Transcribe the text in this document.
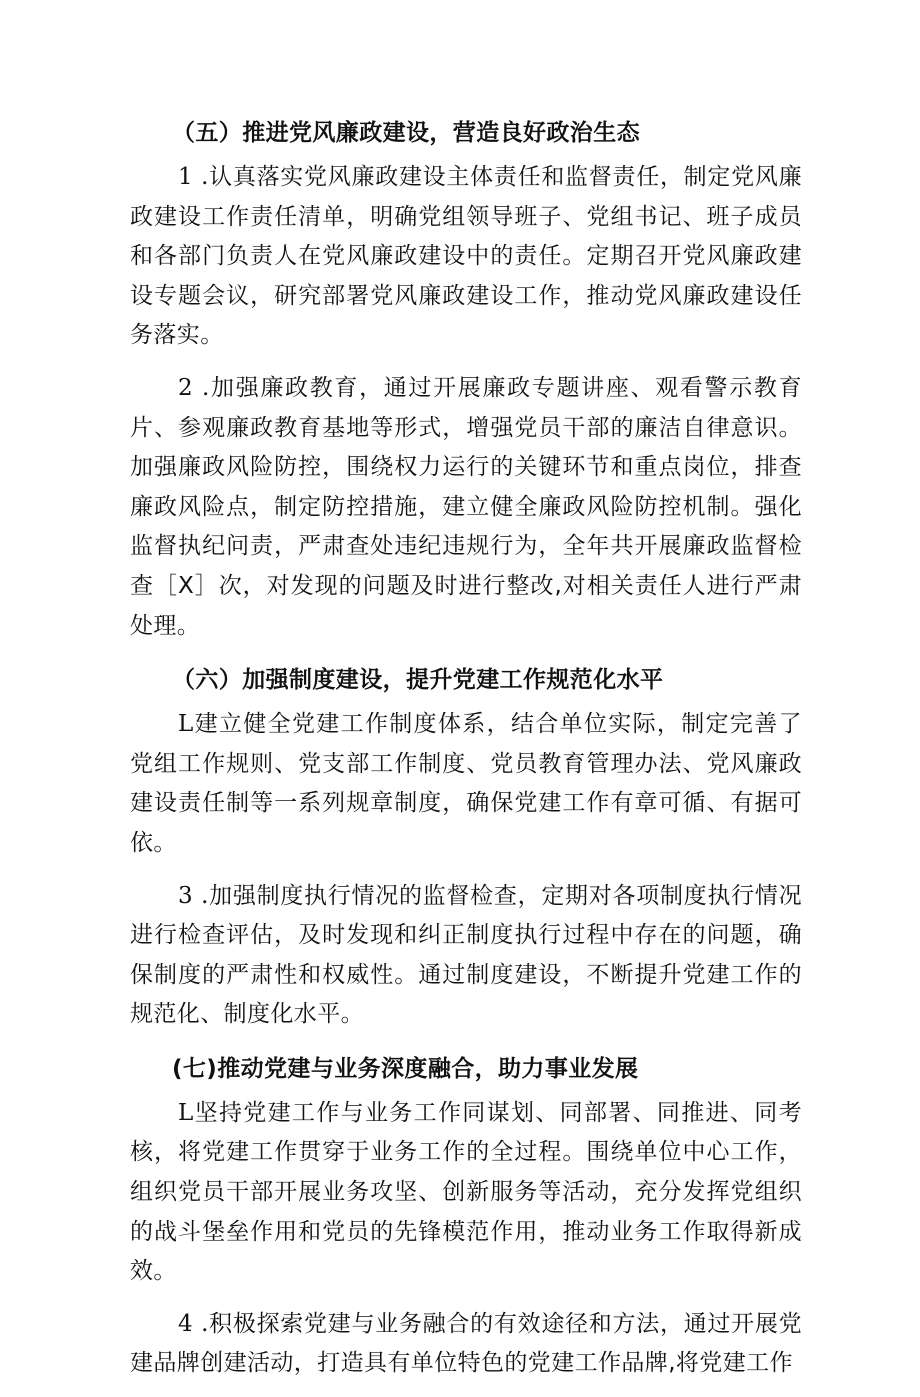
（五）推进党风廉政建设，营造良好政治生态

1 .认真落实党风廉政建设主体责任和监督责任，制定党风廉政建设工作责任清单，明确党组领导班子、党组书记、班子成员和各部门负责人在党风廉政建设中的责任。定期召开党风廉政建设专题会议，研究部署党风廉政建设工作，推动党风廉政建设任务落实。

2 .加强廉政教育，通过开展廉政专题讲座、观看警示教育片、参观廉政教育基地等形式，增强党员干部的廉洁自律意识。加强廉政风险防控，围绕权力运行的关键环节和重点岗位，排查廉政风险点，制定防控措施，建立健全廉政风险防控机制。强化监督执纪问责，严肃查处违纪违规行为，全年共开展廉政监督检查［X］次，对发现的问题及时进行整改,对相关责任人进行严肃处理。

（六）加强制度建设，提升党建工作规范化水平

L建立健全党建工作制度体系，结合单位实际，制定完善了党组工作规则、党支部工作制度、党员教育管理办法、党风廉政建设责任制等一系列规章制度，确保党建工作有章可循、有据可依。

3 .加强制度执行情况的监督检查，定期对各项制度执行情况进行检查评估，及时发现和纠正制度执行过程中存在的问题，确保制度的严肃性和权威性。通过制度建设，不断提升党建工作的规范化、制度化水平。

(七)推动党建与业务深度融合，助力事业发展

L坚持党建工作与业务工作同谋划、同部署、同推进、同考核，将党建工作贯穿于业务工作的全过程。围绕单位中心工作，组织党员干部开展业务攻坚、创新服务等活动，充分发挥党组织的战斗堡垒作用和党员的先锋模范作用，推动业务工作取得新成效。

4 .积极探索党建与业务融合的有效途径和方法，通过开展党建品牌创建活动，打造具有单位特色的党建工作品牌,将党建工作
